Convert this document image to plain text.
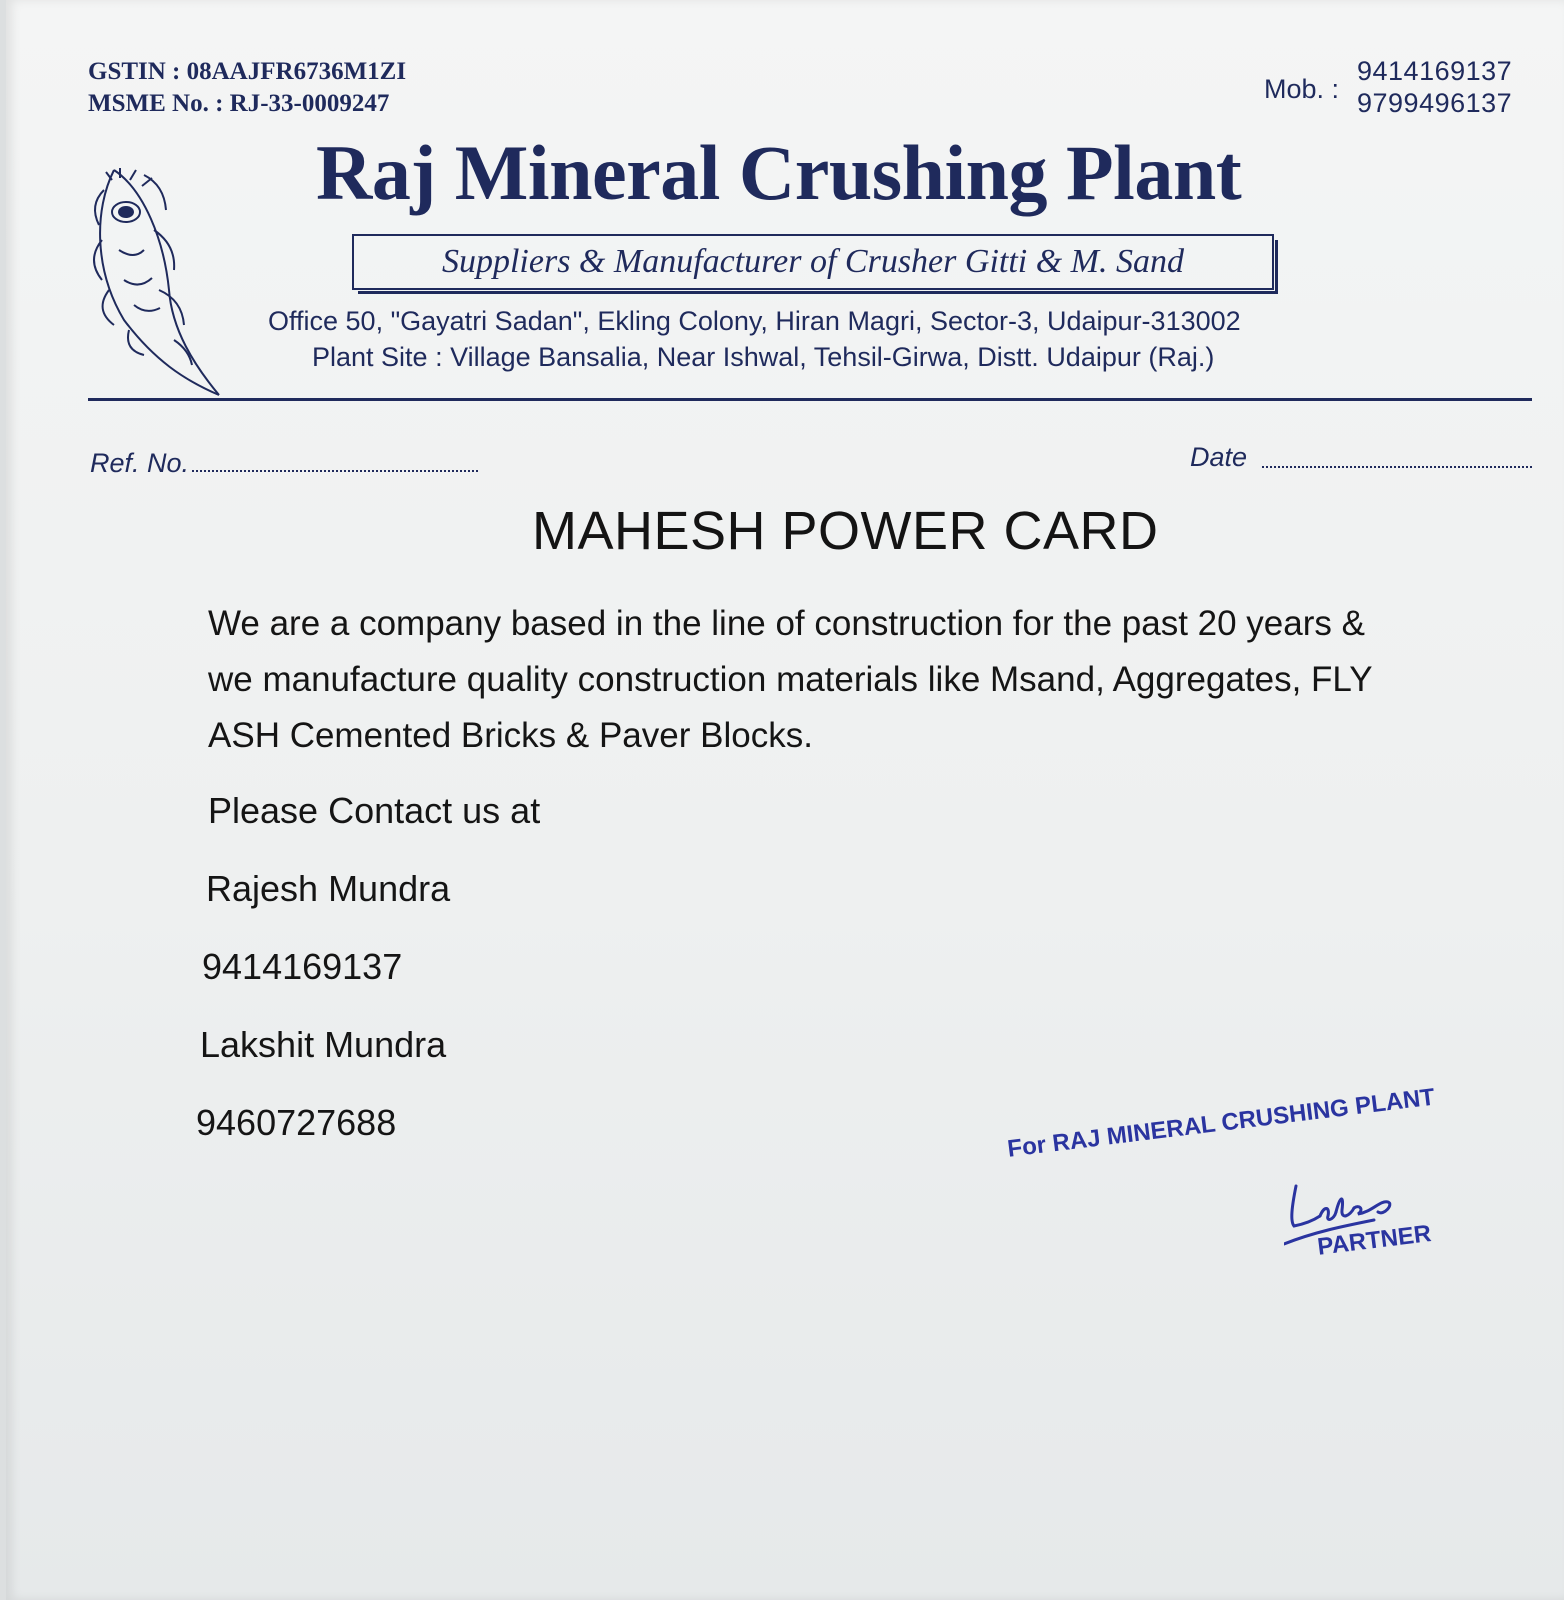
GSTIN : 08AAJFR6736M1ZI
MSME No. : RJ-33-0009247	Mob. :
9414169137
9799496137
Raj Mineral Crushing Plant
Suppliers & Manufacturer of Crusher Gitti & M. Sand
Office 50, "Gayatri Sadan", Ekling Colony, Hiran Magri, Sector-3, Udaipur-313002
Plant Site : Village Bansalia, Near Ishwal, Tehsil-Girwa, Distt. Udaipur (Raj.)
Ref. No.	Date
MAHESH POWER CARD
We are a company based in the line of construction for the past 20 years & we manufacture quality construction materials like Msand, Aggregates, FLY ASH Cemented Bricks & Paver Blocks.
Please Contact us at
Rajesh Mundra
9414169137
Lakshit Mundra
9460727688	For RAJ MINERAL CRUSHING PLANT
PARTNER
